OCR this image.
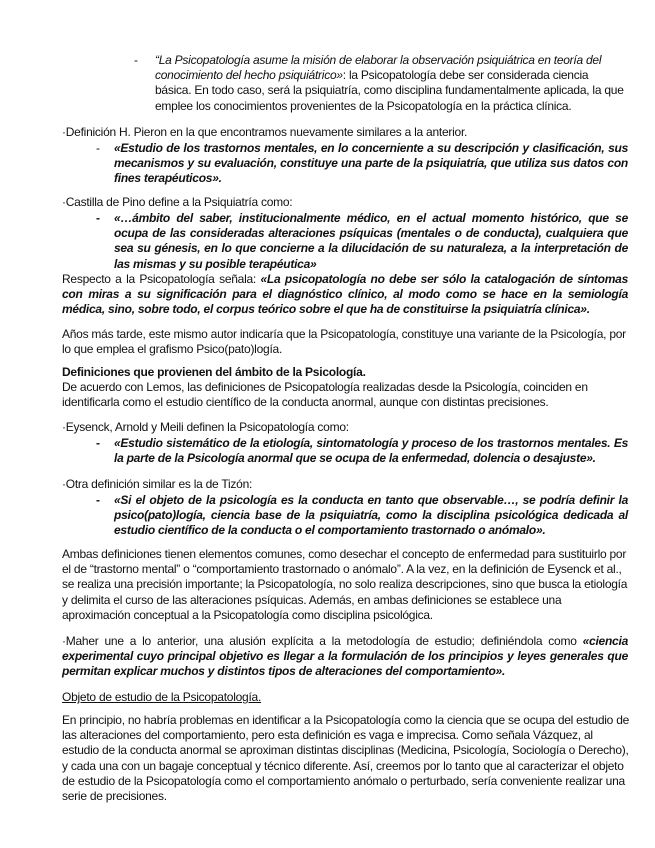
- “La Psicopatología asume la misión de elaborar la observación psiquiátrica en teoría del conocimiento del hecho psiquiátrico»: la Psicopatología debe ser considerada ciencia básica. En todo caso, será la psiquiatría, como disciplina fundamentalmente aplicada, la que emplee los conocimientos provenientes de la Psicopatología en la práctica clínica.

·Definición H. Pieron en la que encontramos nuevamente similares a la anterior.

- «Estudio de los trastornos mentales, en lo concerniente a su descripción y clasificación, sus mecanismos y su evaluación, constituye una parte de la psiquiatría, que utiliza sus datos con fines terapéuticos».

·Castilla de Pino define a la Psiquiatría como:

- «…ámbito del saber, institucionalmente médico, en el actual momento histórico, que se ocupa de las consideradas alteraciones psíquicas (mentales o de conducta), cualquiera que sea su génesis, en lo que concierne a la dilucidación de su naturaleza, a la interpretación de las mismas y su posible terapéutica»

Respecto a la Psicopatología señala: «La psicopatología no debe ser sólo la catalogación de síntomas con miras a su significación para el diagnóstico clínico, al modo como se hace en la semiología médica, sino, sobre todo, el corpus teórico sobre el que ha de constituirse la psiquiatría clínica».

Años más tarde, este mismo autor indicaría que la Psicopatología, constituye una variante de la Psicología, por lo que emplea el grafismo Psico(pato)logía.

Definiciones que provienen del ámbito de la Psicología.

De acuerdo con Lemos, las definiciones de Psicopatología realizadas desde la Psicología, coinciden en identificarla como el estudio científico de la conducta anormal, aunque con distintas precisiones.

·Eysenck, Arnold y Meili definen la Psicopatología como:

- «Estudio sistemático de la etiología, sintomatología y proceso de los trastornos mentales. Es la parte de la Psicología anormal que se ocupa de la enfermedad, dolencia o desajuste».

·Otra definición similar es la de Tizón:

- «Si el objeto de la psicología es la conducta en tanto que observable…, se podría definir la psico(pato)logía, ciencia base de la psiquiatría, como la disciplina psicológica dedicada al estudio científico de la conducta o el comportamiento trastornado o anómalo».

Ambas definiciones tienen elementos comunes, como desechar el concepto de enfermedad para sustituirlo por el de “trastorno mental” o “comportamiento trastornado o anómalo”. A la vez, en la definición de Eysenck et al., se realiza una precisión importante; la Psicopatología, no solo realiza descripciones, sino que busca la etiología y delimita el curso de las alteraciones psíquicas. Además, en ambas definiciones se establece una aproximación conceptual a la Psicopatología como disciplina psicológica.

·Maher une a lo anterior, una alusión explícita a la metodología de estudio; definiéndola como «ciencia experimental cuyo principal objetivo es llegar a la formulación de los principios y leyes generales que permitan explicar muchos y distintos tipos de alteraciones del comportamiento».

Objeto de estudio de la Psicopatología.

En principio, no habría problemas en identificar a la Psicopatología como la ciencia que se ocupa del estudio de las alteraciones del comportamiento, pero esta definición es vaga e imprecisa. Como señala Vázquez, al estudio de la conducta anormal se aproximan distintas disciplinas (Medicina, Psicología, Sociología o Derecho), y cada una con un bagaje conceptual y técnico diferente. Así, creemos por lo tanto que al caracterizar el objeto de estudio de la Psicopatología como el comportamiento anómalo o perturbado, sería conveniente realizar una serie de precisiones.
